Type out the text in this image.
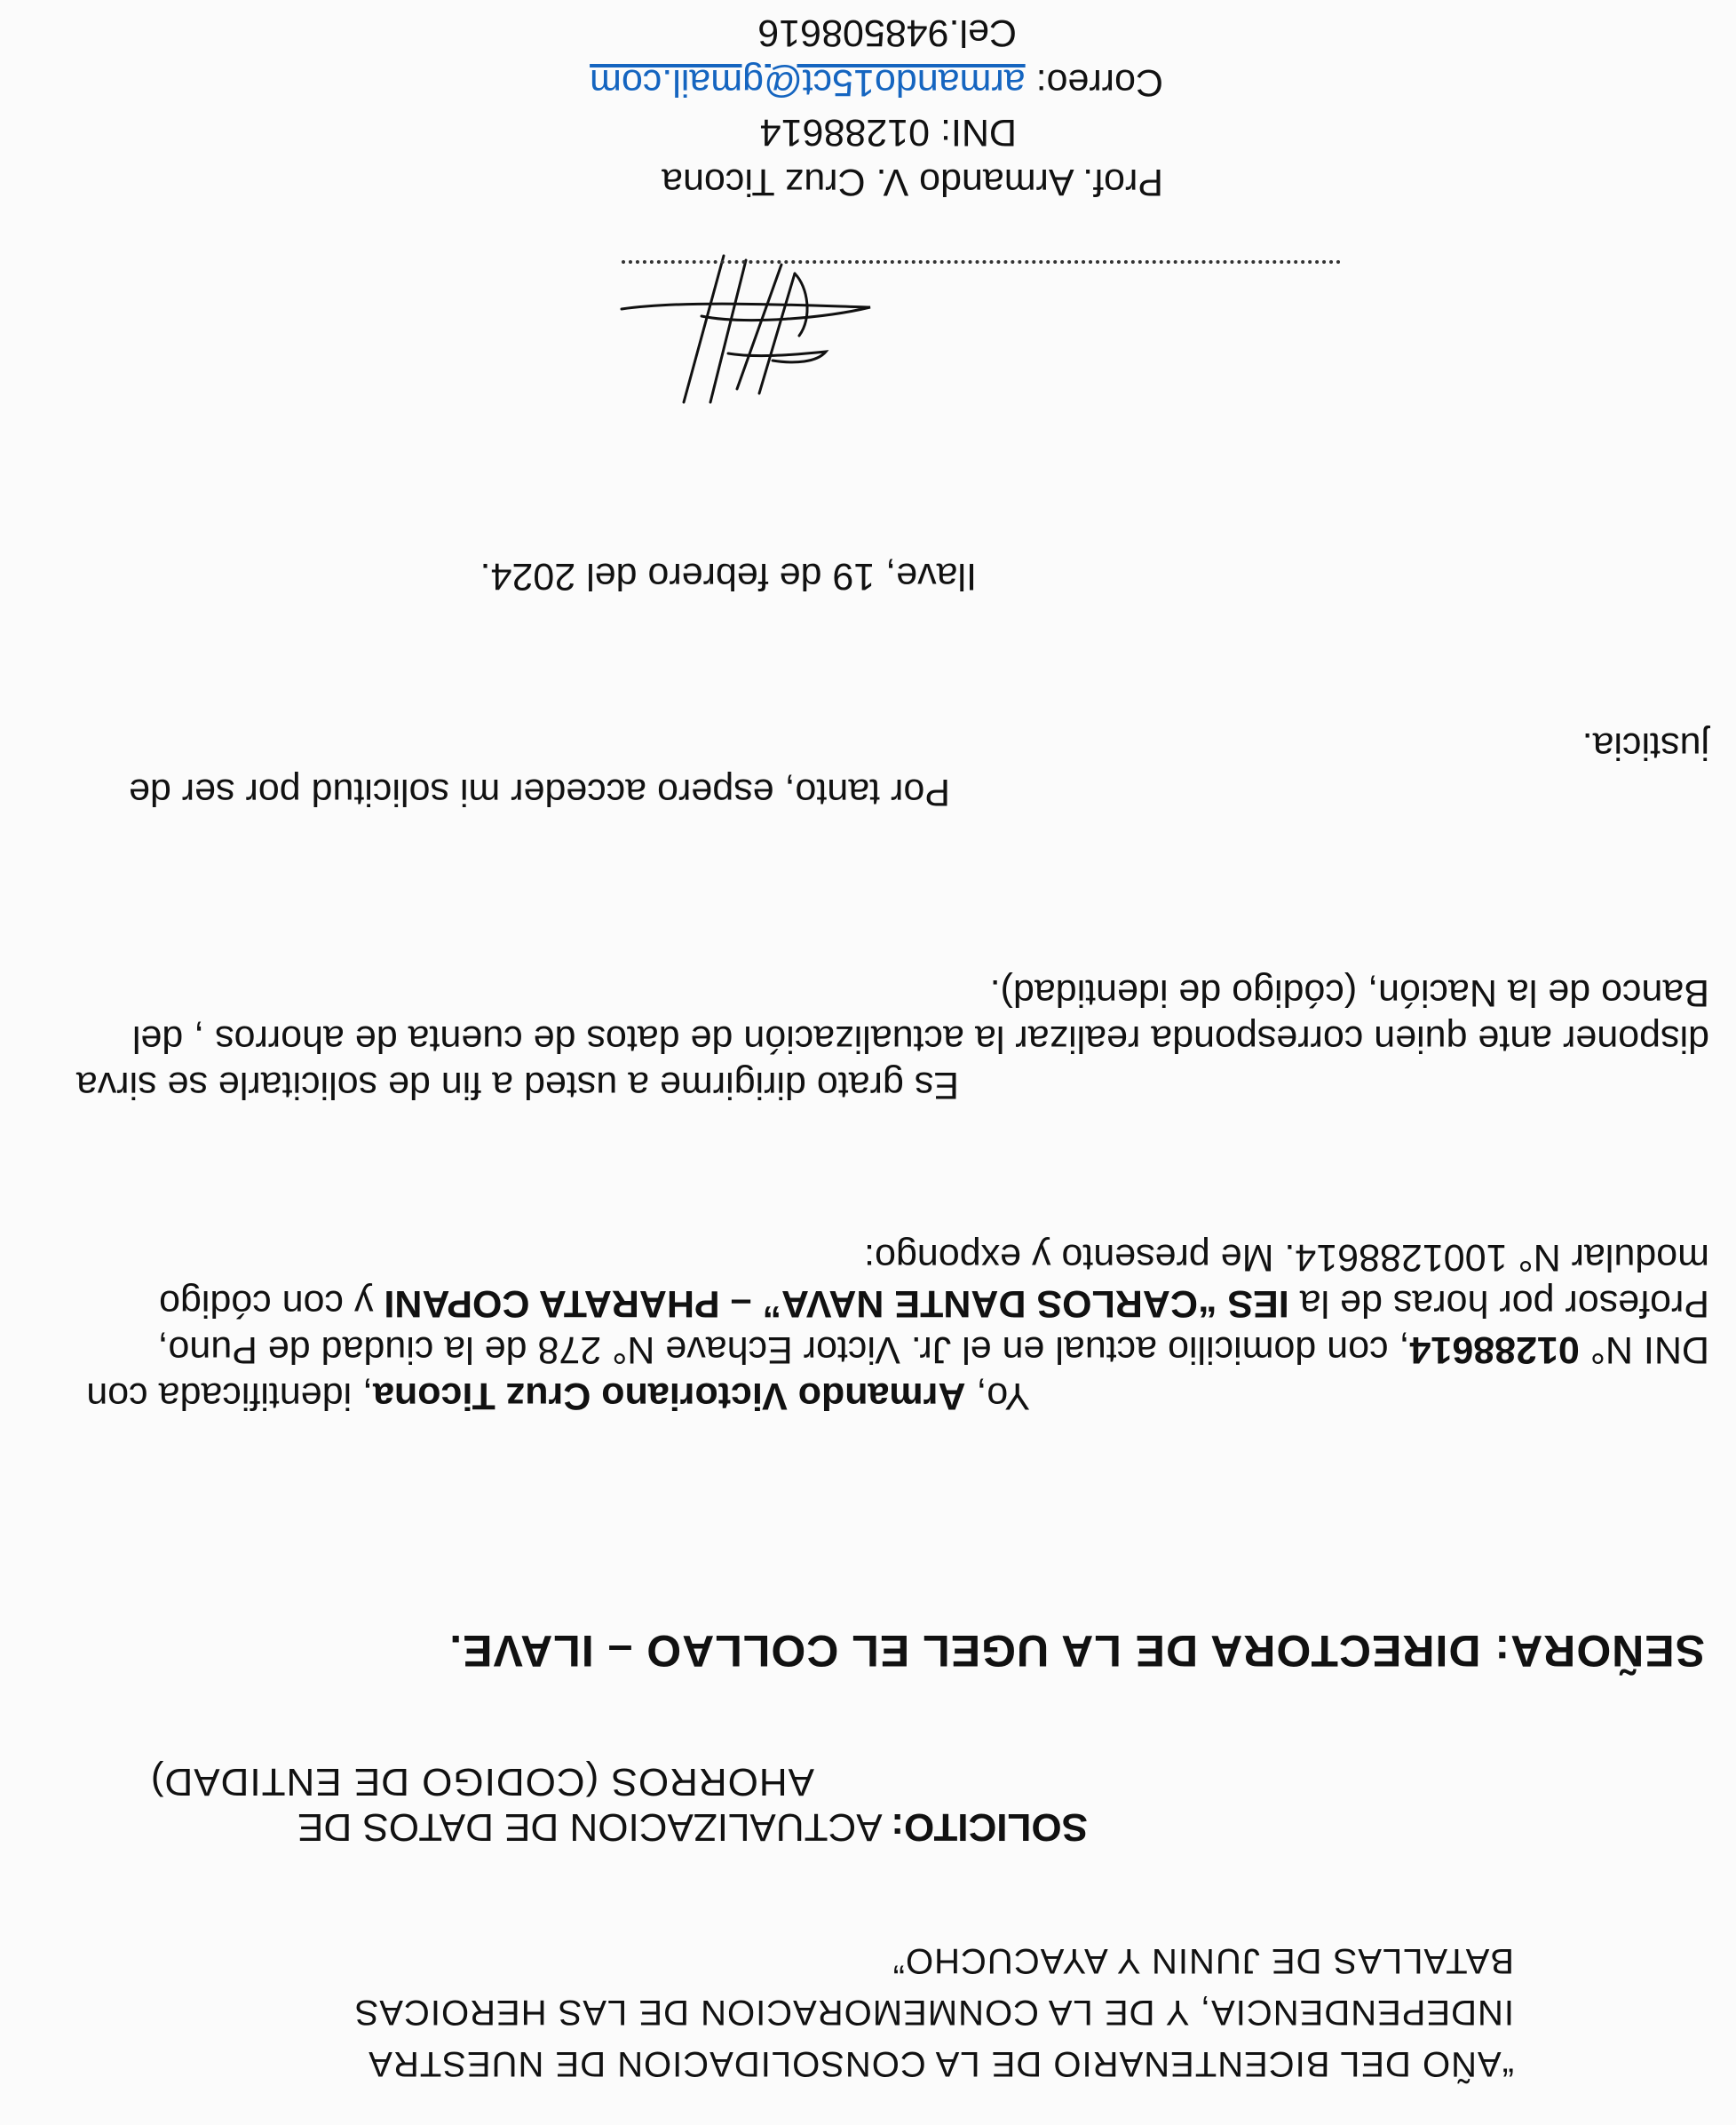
“AÑO DEL BICENTENARIO DE LA CONSOLIDACION DE NUESTRA INDEPENDENCIA, Y DE LA CONMEMORACION DE LAS HEROICAS BATALLAS DE JUNIN Y AYACUCHO”
SOLICITO: ACTUALIZACION DE DATOS DE
AHORROS (CODIGO DE ENTIDAD)
SEÑORA: DIRECTORA DE LA UGEL EL COLLAO – ILAVE.
Yo, Armando Victoriano Cruz Ticona, identificada con DNI N° 01288614, con domicilio actual en el Jr. Victor Echave N° 278 de la ciudad de Puno, Profesor por horas de la IES “CARLOS DANTE NAVA” – PHARATA COPANI y con código modular N° 1001288614. Me presento y expongo:
Es grato dirigirme a usted a fin de solicitarle se sirva disponer ante quien corresponda realizar la actualización de datos de cuenta de ahorros , del Banco de la Nación, (código de identidad).
Por tanto, espero acceder mi solicitud por ser de justicia.
Ilave, 19 de febrero del 2024.
Prof. Armando V. Cruz Ticona
DNI: 01288614
Correo: armando15ct@gmail.com
Cel.948508616
